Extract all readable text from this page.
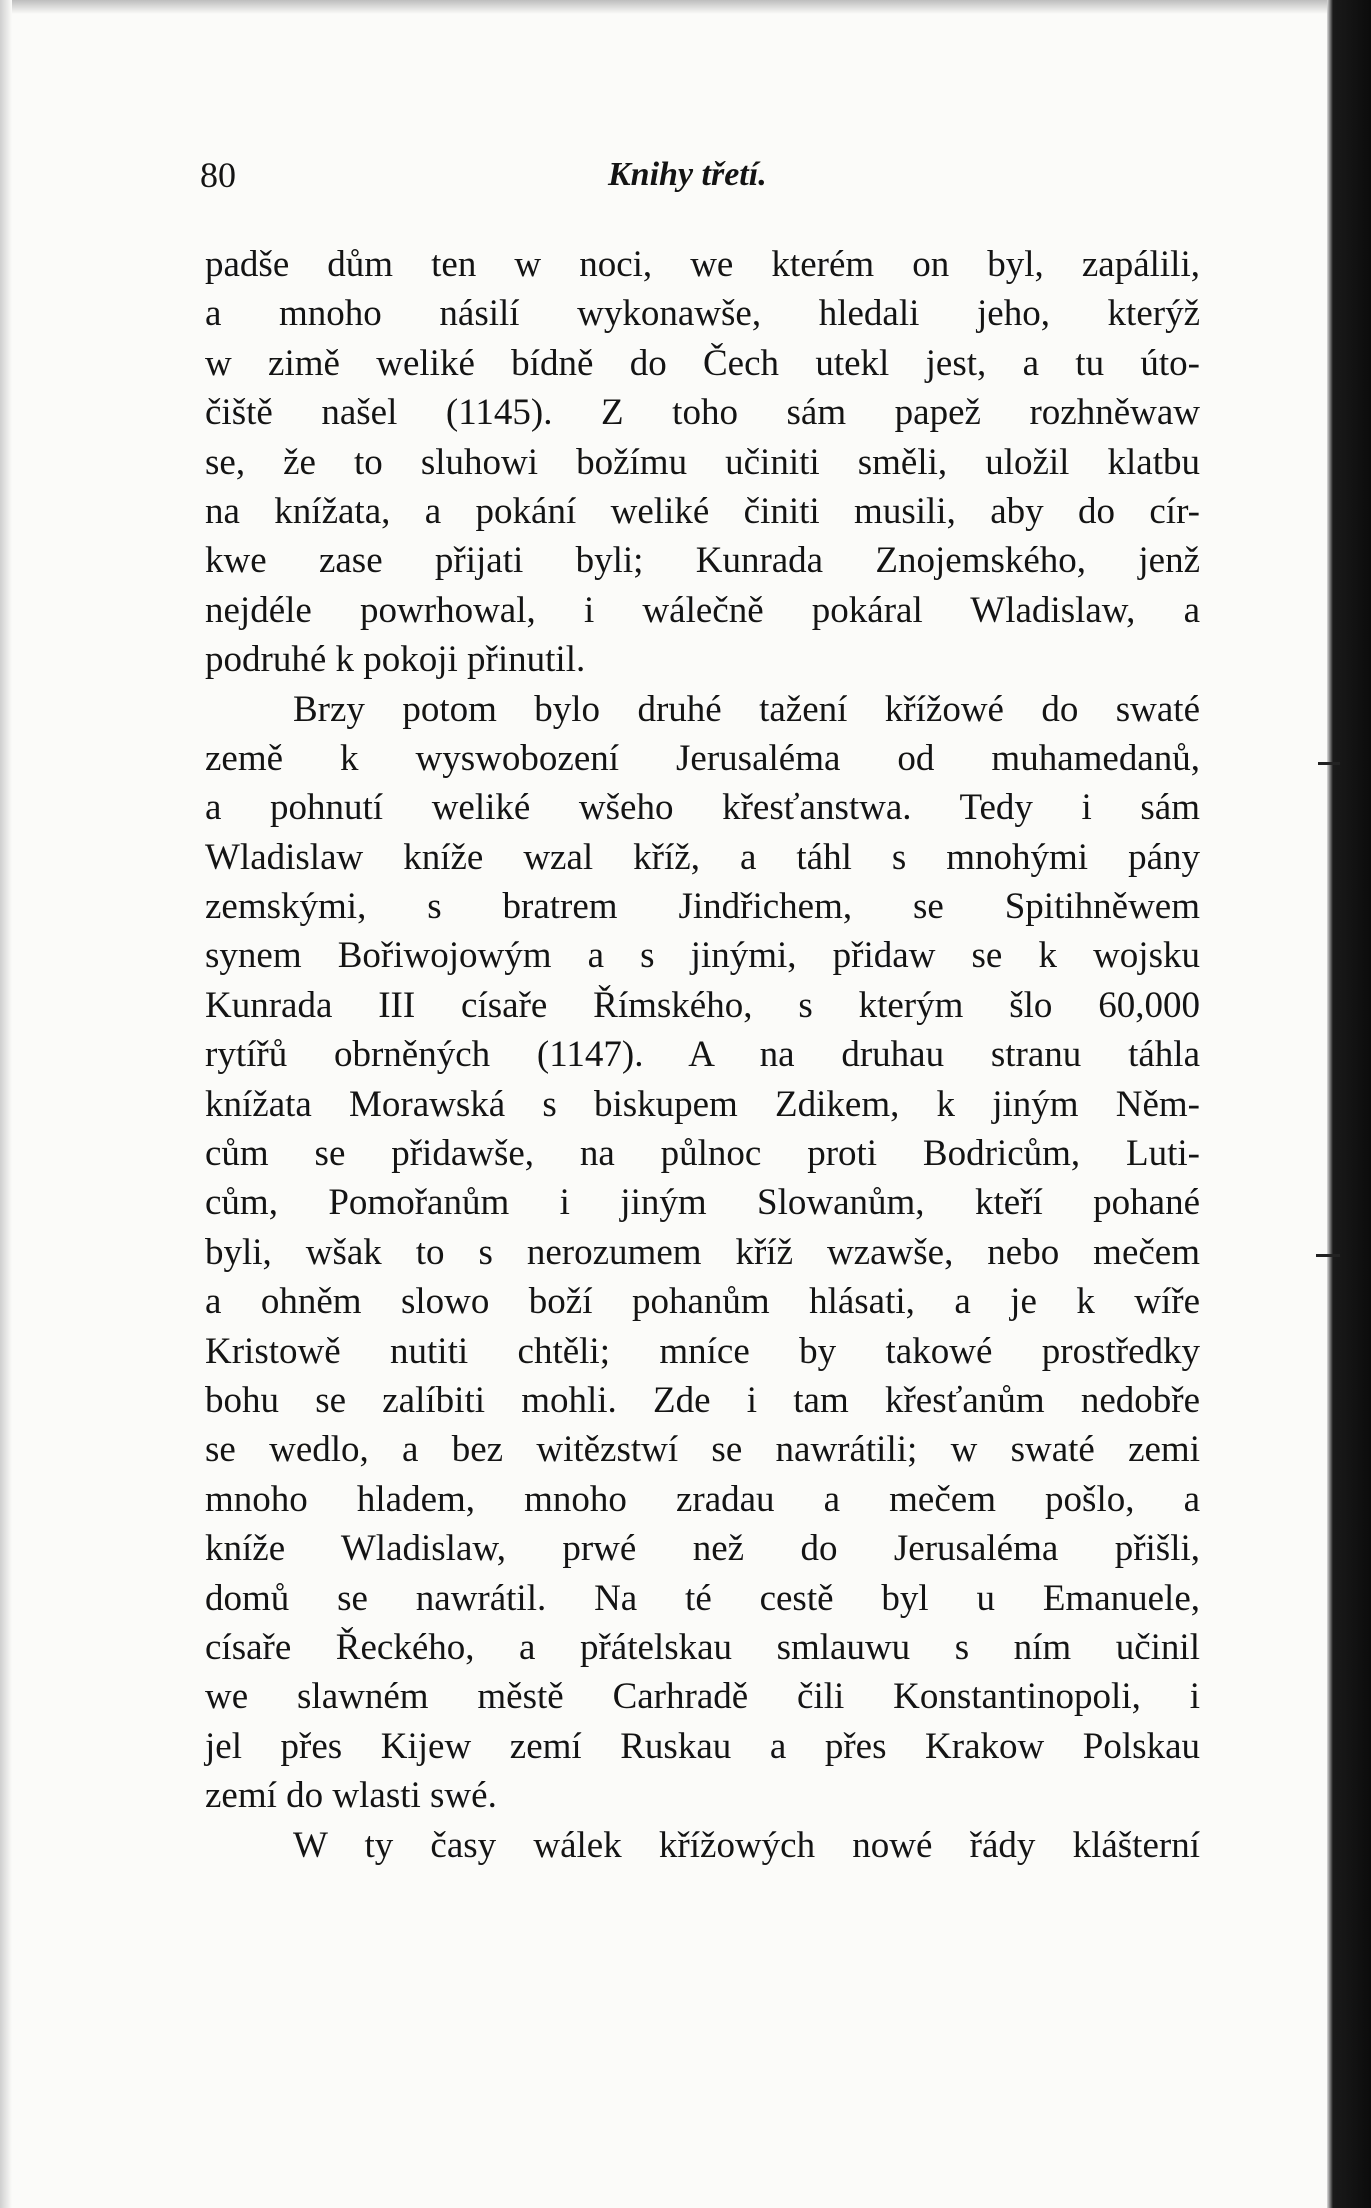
80	Knihy třetí.
padše dům ten w noci, we kterém on byl, zapálili,
a mnoho násilí wykonawše, hledali jeho, kterýž
w zimě weliké bídně do Čech utekl jest, a tu úto-
čiště našel (1145). Z toho sám papež rozhněwaw
se, že to sluhowi božímu učiniti směli, uložil klatbu
na knížata, a pokání weliké činiti musili, aby do cír-
kwe zase přijati byli; Kunrada Znojemského, jenž
nejdéle powrhowal, i wálečně pokáral Wladislaw, a
podruhé k pokoji přinutil.
Brzy potom bylo druhé tažení křížowé do swaté
země k wyswobození Jerusaléma od muhamedanů,
a pohnutí weliké wšeho křesťanstwa. Tedy i sám
Wladislaw kníže wzal kříž, a táhl s mnohými pány
zemskými, s bratrem Jindřichem, se Spitihněwem
synem Bořiwojowým a s jinými, přidaw se k wojsku
Kunrada III císaře Římského, s kterým šlo 60,000
rytířů obrněných (1147). A na druhau stranu táhla
knížata Morawská s biskupem Zdikem, k jiným Něm-
cům se přidawše, na půlnoc proti Bodricům, Luti-
cům, Pomořanům i jiným Slowanům, kteří pohané
byli, wšak to s nerozumem kříž wzawše, nebo mečem
a ohněm slowo boží pohanům hlásati, a je k wíře
Kristowě nutiti chtěli; mníce by takowé prostředky
bohu se zalíbiti mohli. Zde i tam křesťanům nedobře
se wedlo, a bez witězstwí se nawrátili; w swaté zemi
mnoho hladem, mnoho zradau a mečem pošlo, a
kníže Wladislaw, prwé než do Jerusaléma přišli,
domů se nawrátil. Na té cestě byl u Emanuele,
císaře Řeckého, a přátelskau smlauwu s ním učinil
we slawném městě Carhradě čili Konstantinopoli, i
jel přes Kijew zemí Ruskau a přes Krakow Polskau
zemí do wlasti swé.
W ty časy wálek křížowých nowé řády klášterní
